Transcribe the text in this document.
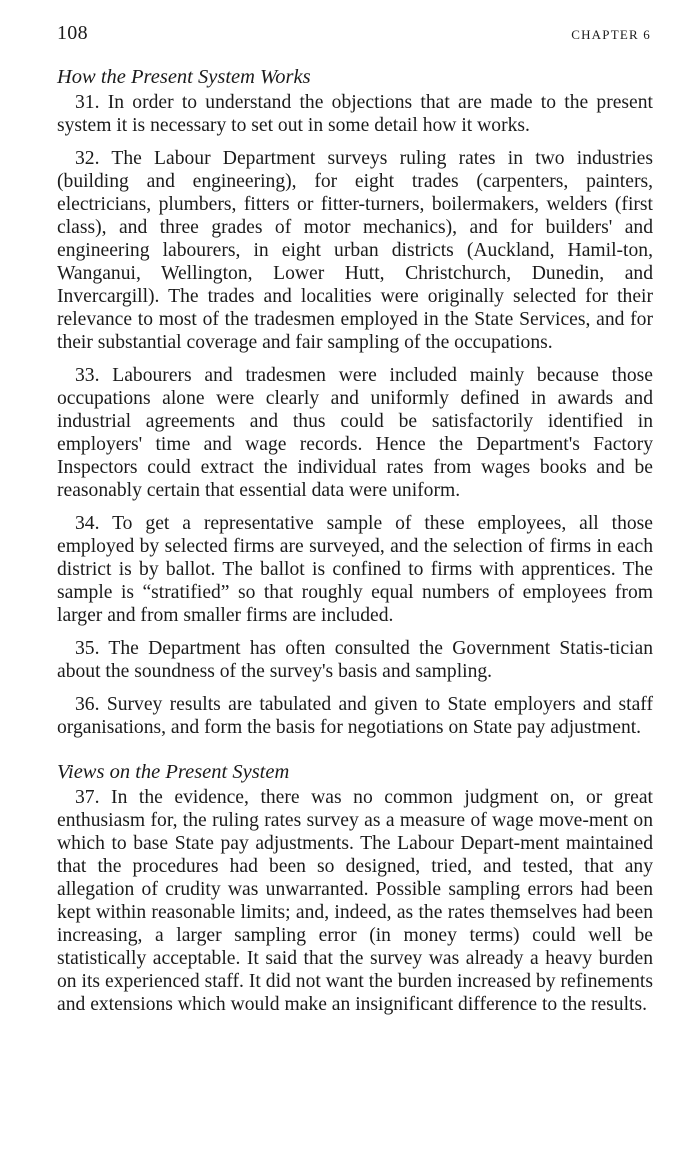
108	CHAPTER 6
How the Present System Works

31. In order to understand the objections that are made to the present system it is necessary to set out in some detail how it works.

32. The Labour Department surveys ruling rates in two industries (building and engineering), for eight trades (carpenters, painters, electricians, plumbers, fitters or fitter-turners, boilermakers, welders (first class), and three grades of motor mechanics), and for builders' and engineering labourers, in eight urban districts (Auckland, Hamil-ton, Wanganui, Wellington, Lower Hutt, Christchurch, Dunedin, and Invercargill). The trades and localities were originally selected for their relevance to most of the tradesmen employed in the State Services, and for their substantial coverage and fair sampling of the occupations.

33. Labourers and tradesmen were included mainly because those occupations alone were clearly and uniformly defined in awards and industrial agreements and thus could be satisfactorily identified in employers' time and wage records. Hence the Department's Factory Inspectors could extract the individual rates from wages books and be reasonably certain that essential data were uniform.

34. To get a representative sample of these employees, all those employed by selected firms are surveyed, and the selection of firms in each district is by ballot. The ballot is confined to firms with apprentices. The sample is “stratified” so that roughly equal numbers of employees from larger and from smaller firms are included.

35. The Department has often consulted the Government Statis-tician about the soundness of the survey's basis and sampling.

36. Survey results are tabulated and given to State employers and staff organisations, and form the basis for negotiations on State pay adjustment.

Views on the Present System

37. In the evidence, there was no common judgment on, or great enthusiasm for, the ruling rates survey as a measure of wage move-ment on which to base State pay adjustments. The Labour Depart-ment maintained that the procedures had been so designed, tried, and tested, that any allegation of crudity was unwarranted. Possible sampling errors had been kept within reasonable limits; and, indeed, as the rates themselves had been increasing, a larger sampling error (in money terms) could well be statistically acceptable. It said that the survey was already a heavy burden on its experienced staff. It did not want the burden increased by refinements and extensions which would make an insignificant difference to the results.
